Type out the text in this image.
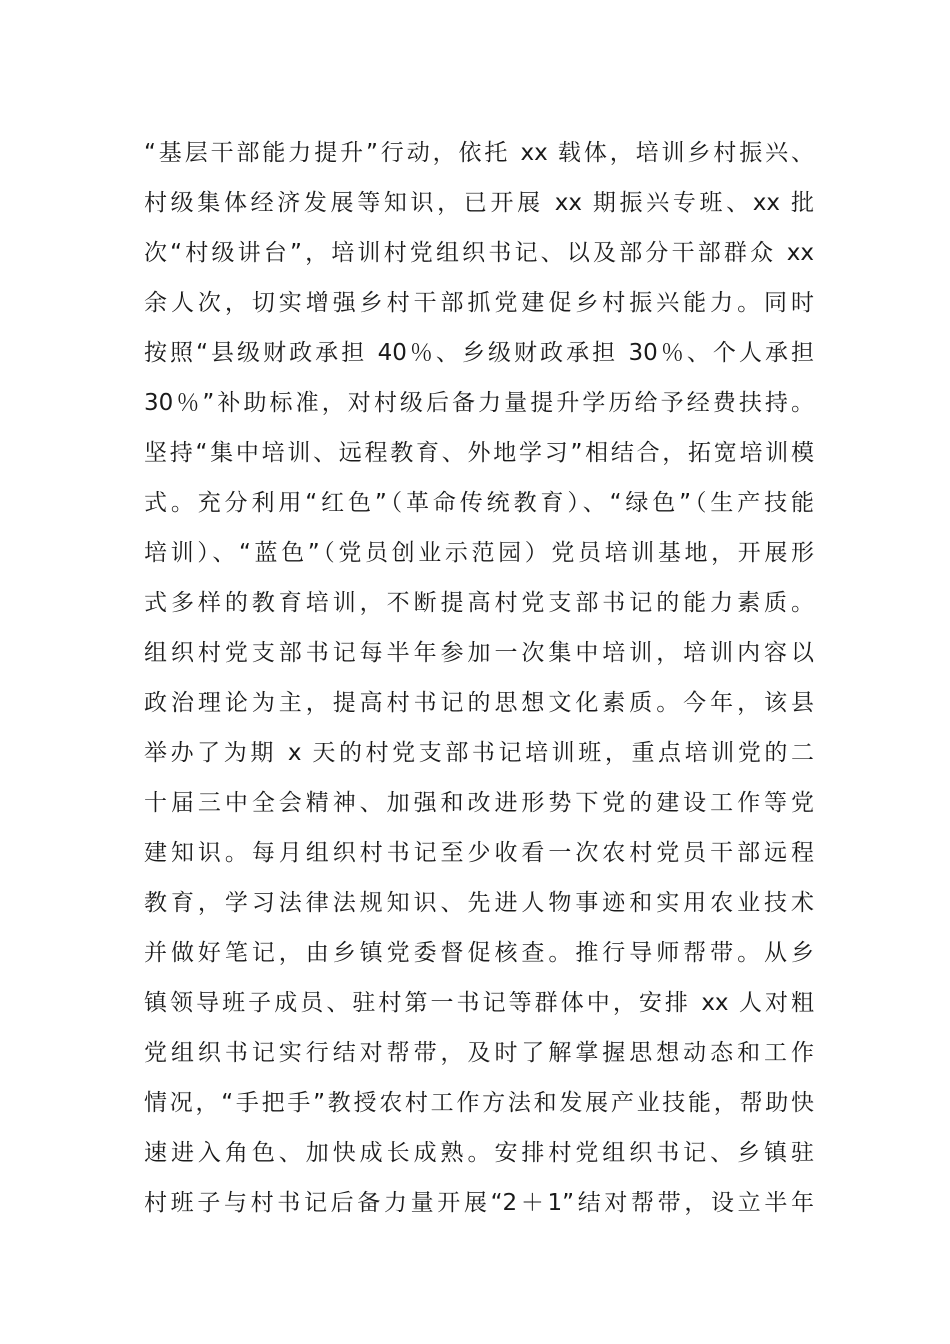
“基层干部能力提升”行动，依托 xx 载体，培训乡村振兴、
村级集体经济发展等知识，已开展 xx 期振兴专班、xx 批
次“村级讲台”，培训村党组织书记、以及部分干部群众 xx
余人次，切实增强乡村干部抓党建促乡村振兴能力。同时
按照“县级财政承担 40％、乡级财政承担 30％、个人承担
30％”补助标准，对村级后备力量提升学历给予经费扶持。
坚持“集中培训、远程教育、外地学习”相结合，拓宽培训模
式。充分利用“红色”（革命传统教育）、“绿色”（生产技能
培训）、“蓝色”（党员创业示范园）党员培训基地，开展形
式多样的教育培训，不断提高村党支部书记的能力素质。
组织村党支部书记每半年参加一次集中培训，培训内容以
政治理论为主，提高村书记的思想文化素质。今年，该县
举办了为期 x 天的村党支部书记培训班，重点培训党的二
十届三中全会精神、加强和改进形势下党的建设工作等党
建知识。每月组织村书记至少收看一次农村党员干部远程
教育，学习法律法规知识、先进人物事迹和实用农业技术
并做好笔记，由乡镇党委督促核查。推行导师帮带。从乡
镇领导班子成员、驻村第一书记等群体中，安排 xx 人对粗
党组织书记实行结对帮带，及时了解掌握思想动态和工作
情况，“手把手”教授农村工作方法和发展产业技能，帮助快
速进入角色、加快成长成熟。安排村党组织书记、乡镇驻
村班子与村书记后备力量开展“2＋1”结对帮带，设立半年
